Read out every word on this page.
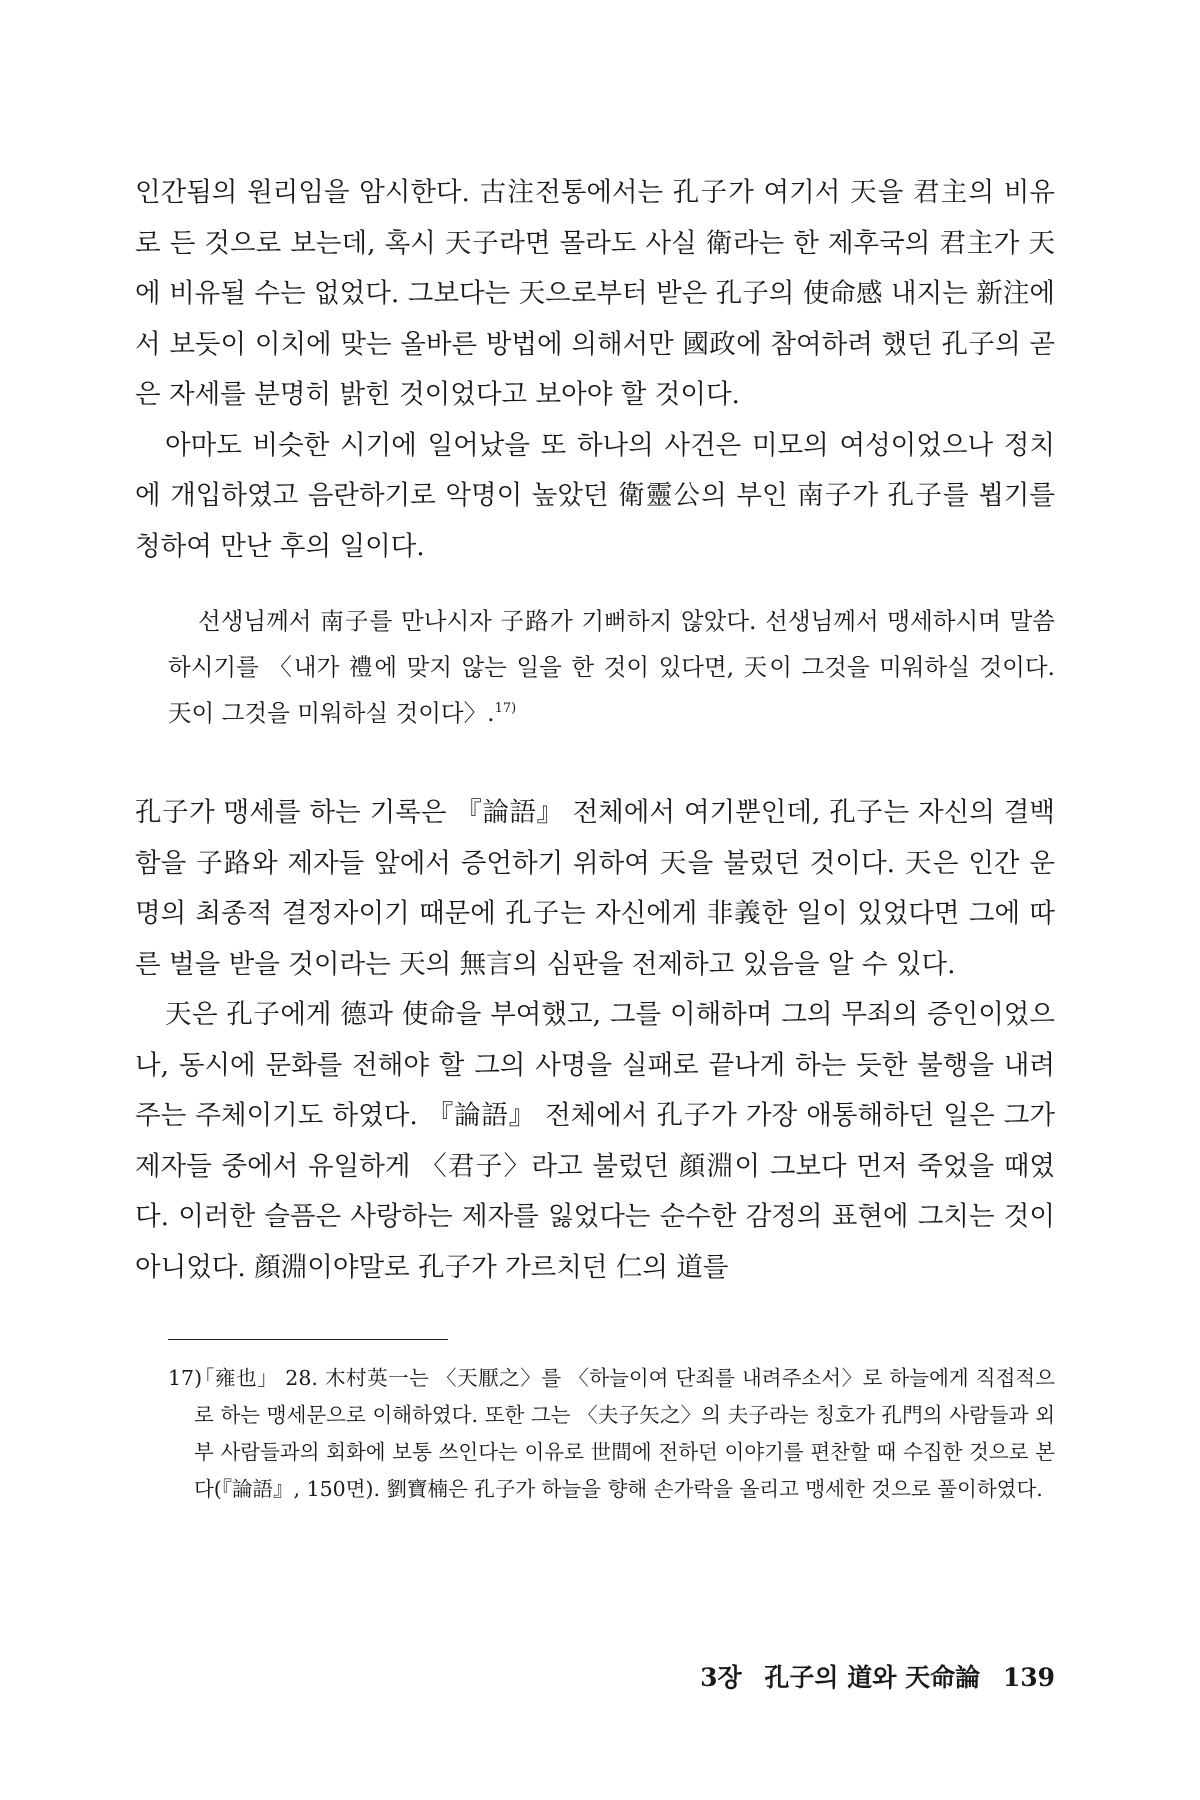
인간됨의 원리임을 암시한다. 古注전통에서는 孔子가 여기서 天을 君主의 비유로 든 것으로 보는데, 혹시 天子라면 몰라도 사실 衛라는 한 제후국의 君主가 天에 비유될 수는 없었다. 그보다는 天으로부터 받은 孔子의 使命感 내지는 新注에서 보듯이 이치에 맞는 올바른 방법에 의해서만 國政에 참여하려 했던 孔子의 곧은 자세를 분명히 밝힌 것이었다고 보아야 할 것이다.

아마도 비슷한 시기에 일어났을 또 하나의 사건은 미모의 여성이었으나 정치에 개입하였고 음란하기로 악명이 높았던 衛靈公의 부인 南子가 孔子를 뵙기를 청하여 만난 후의 일이다.

선생님께서 南子를 만나시자 子路가 기뻐하지 않았다. 선생님께서 맹세하시며 말씀하시기를 〈내가 禮에 맞지 않는 일을 한 것이 있다면, 天이 그것을 미워하실 것이다. 天이 그것을 미워하실 것이다〉.$^{17)}$

孔子가 맹세를 하는 기록은 『論語』 전체에서 여기뿐인데, 孔子는 자신의 결백함을 子路와 제자들 앞에서 증언하기 위하여 天을 불렀던 것이다. 天은 인간 운명의 최종적 결정자이기 때문에 孔子는 자신에게 非義한 일이 있었다면 그에 따른 벌을 받을 것이라는 天의 無言의 심판을 전제하고 있음을 알 수 있다.

天은 孔子에게 德과 使命을 부여했고, 그를 이해하며 그의 무죄의 증인이었으나, 동시에 문화를 전해야 할 그의 사명을 실패로 끝나게 하는 듯한 불행을 내려주는 주체이기도 하였다. 『論語』 전체에서 孔子가 가장 애통해하던 일은 그가 제자들 중에서 유일하게 〈君子〉라고 불렀던 顔淵이 그보다 먼저 죽었을 때였다. 이러한 슬픔은 사랑하는 제자를 잃었다는 순수한 감정의 표현에 그치는 것이 아니었다. 顔淵이야말로 孔子가 가르치던 仁의 道를

17)

「雍也」 28. 木村英一는 〈天厭之〉를 〈하늘이여 단죄를 내려주소서〉로 하늘에게 직접적으로 하는 맹세문으로 이해하였다. 또한 그는 〈夫子矢之〉의 夫子라는 칭호가 孔門의 사람들과 외부 사람들과의 회화에 보통 쓰인다는 이유로 世間에 전하던 이야기를 편찬할 때 수집한 것으로 본다(『論語』, 150면). 劉寶楠은 孔子가 하늘을 향해 손가락을 올리고 맹세한 것으로 풀이하였다.

3장 孔子의 道와 天命論 139
